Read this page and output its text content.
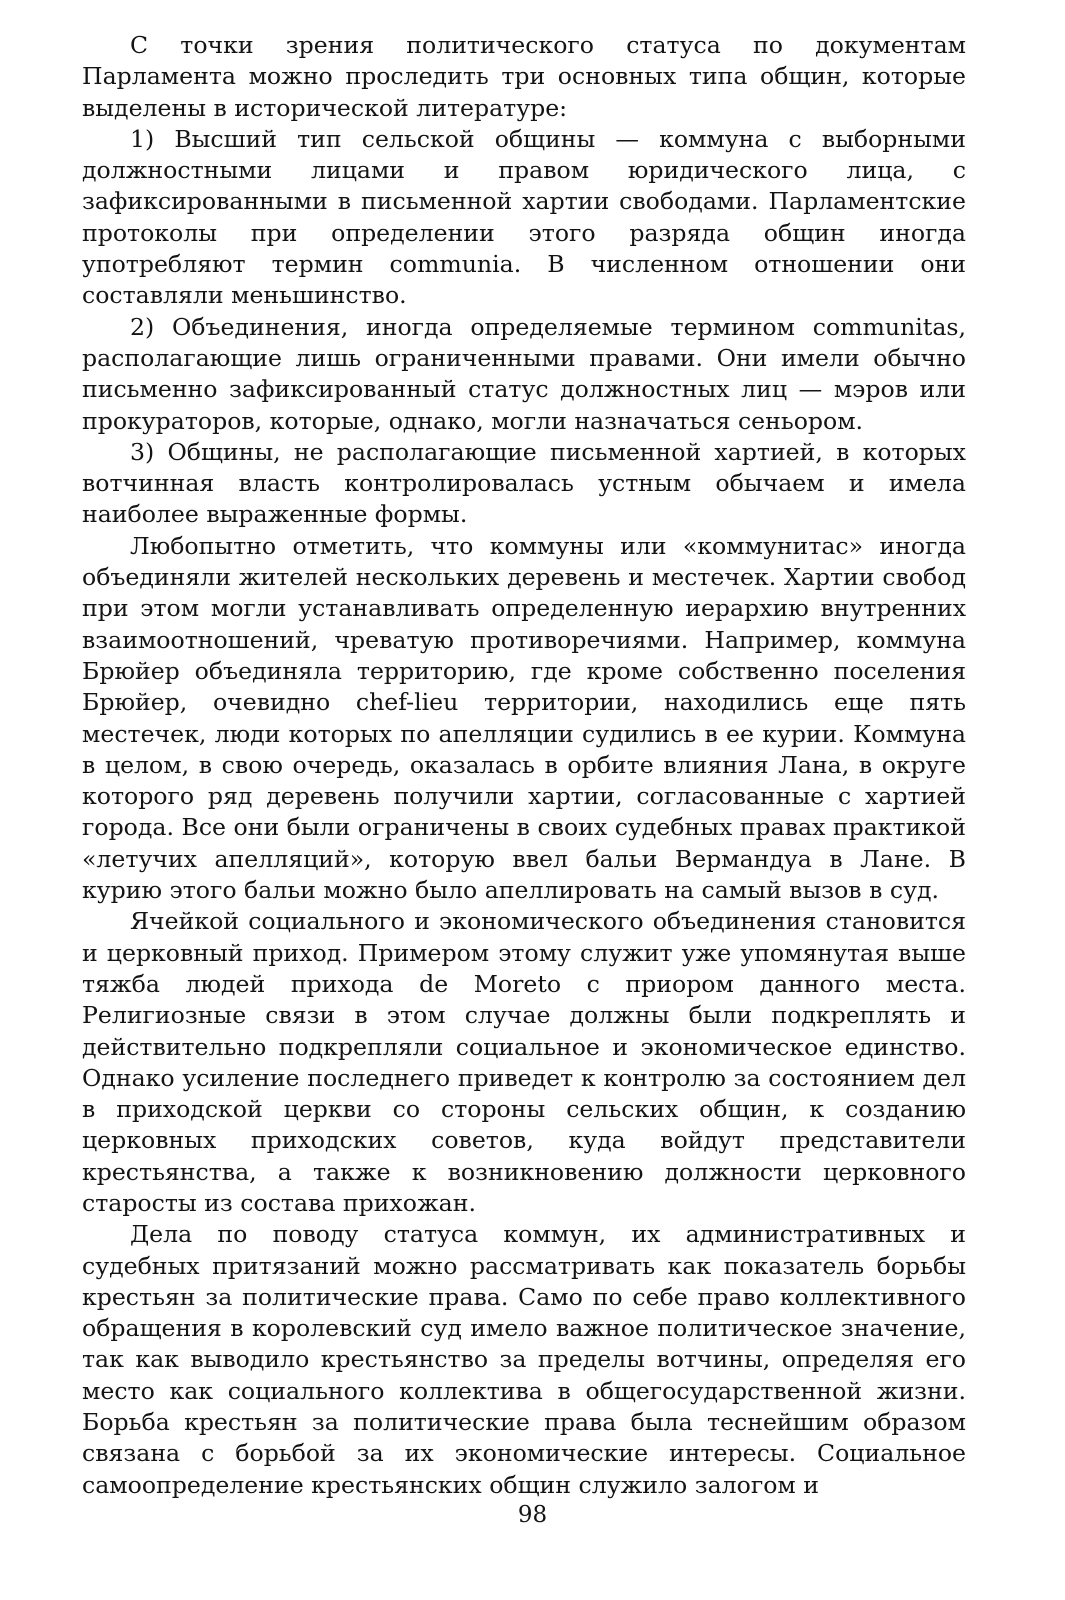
С точки зрения политического статуса по документам Парламента можно проследить три основных типа общин, которые выделены в исторической литературе:

1) Высший тип сельской общины — коммуна с выборными должностными лицами и правом юридического лица, с зафиксированными в письменной хартии свободами. Парламентские протоколы при определении этого разряда общин иногда употребляют термин communia. В численном отношении они составляли меньшинство.

2) Объединения, иногда определяемые термином communitas, располагающие лишь ограниченными правами. Они имели обычно письменно зафиксированный статус должностных лиц — мэров или прокураторов, которые, однако, могли назначаться сеньором.

3) Общины, не располагающие письменной хартией, в которых вотчинная власть контролировалась устным обычаем и имела наиболее выраженные формы.

Любопытно отметить, что коммуны или «коммунитас» иногда объединяли жителей нескольких деревень и местечек. Хартии свобод при этом могли устанавливать определенную иерархию внутренних взаимоотношений, чреватую противоречиями. Например, коммуна Брюйер объединяла территорию, где кроме собственно поселения Брюйер, очевидно chef-lieu территории, находились еще пять местечек, люди которых по апелляции судились в ее курии. Коммуна в целом, в свою очередь, оказалась в орбите влияния Лана, в округе которого ряд деревень получили хартии, согласованные с хартией города. Все они были ограничены в своих судебных правах практикой «летучих апелляций», которую ввел бальи Вермандуа в Лане. В курию этого бальи можно было апеллировать на самый вызов в суд.

Ячейкой социального и экономического объединения становится и церковный приход. Примером этому служит уже упомянутая выше тяжба людей прихода de Moreto с приором данного места. Религиозные связи в этом случае должны были подкреплять и действительно подкрепляли социальное и экономическое единство. Однако усиление последнего приведет к контролю за состоянием дел в приходской церкви со стороны сельских общин, к созданию церковных приходских советов, куда войдут представители крестьянства, а также к возникновению должности церковного старосты из состава прихожан.

Дела по поводу статуса коммун, их административных и судебных притязаний можно рассматривать как показатель борьбы крестьян за политические права. Само по себе право коллективного обращения в королевский суд имело важное политическое значение, так как выводило крестьянство за пределы вотчины, определяя его место как социального коллектива в общегосударственной жизни. Борьба крестьян за политические права была теснейшим образом связана с борьбой за их экономические интересы. Социальное самоопределение крестьянских общин служило залогом и

98
